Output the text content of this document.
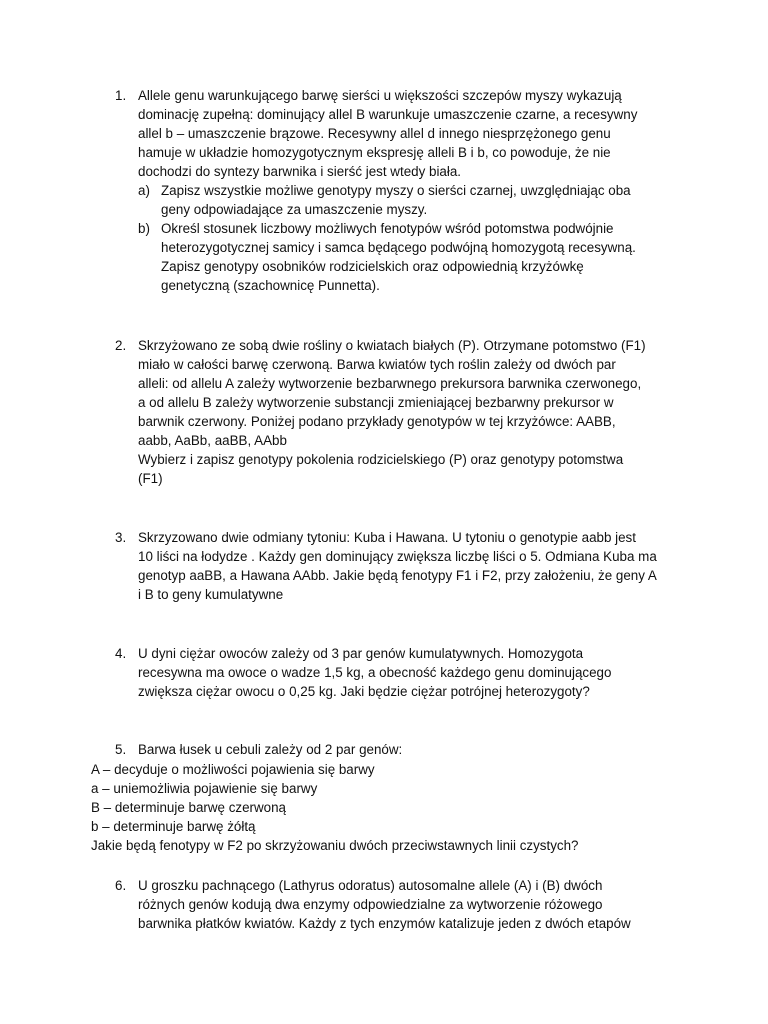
1. Allele genu warunkującego barwę sierści u większości szczepów myszy wykazują
dominację zupełną: dominujący allel B warunkuje umaszczenie czarne, a recesywny
allel b – umaszczenie brązowe. Recesywny allel d innego niesprzężonego genu
hamuje w układzie homozygotycznym ekspresję alleli B i b, co powoduje, że nie
dochodzi do syntezy barwnika i sierść jest wtedy biała.
a) Zapisz wszystkie możliwe genotypy myszy o sierści czarnej, uwzględniając oba
geny odpowiadające za umaszczenie myszy.
b) Określ stosunek liczbowy możliwych fenotypów wśród potomstwa podwójnie
heterozygotycznej samicy i samca będącego podwójną homozygotą recesywną.
Zapisz genotypy osobników rodzicielskich oraz odpowiednią krzyżówkę
genetyczną (szachownicę Punnetta).
2. Skrzyżowano ze sobą dwie rośliny o kwiatach białych (P). Otrzymane potomstwo (F1)
miało w całości barwę czerwoną. Barwa kwiatów tych roślin zależy od dwóch par
alleli: od allelu A zależy wytworzenie bezbarwnego prekursora barwnika czerwonego,
a od allelu B zależy wytworzenie substancji zmieniającej bezbarwny prekursor w
barwnik czerwony. Poniżej podano przykłady genotypów w tej krzyżówce: AABB,
aabb, AaBb, aaBB, AAbb
Wybierz i zapisz genotypy pokolenia rodzicielskiego (P) oraz genotypy potomstwa
(F1)
3. Skrzyzowano dwie odmiany tytoniu: Kuba i Hawana. U tytoniu o genotypie aabb jest
10 liści na łodydze . Każdy gen dominujący zwiększa liczbę liści o 5. Odmiana Kuba ma
genotyp aaBB, a Hawana AAbb. Jakie będą fenotypy F1 i F2, przy założeniu, że geny A
i B to geny kumulatywne
4. U dyni ciężar owoców zależy od 3 par genów kumulatywnych. Homozygota
recesywna ma owoce o wadze 1,5 kg, a obecność każdego genu dominującego
zwiększa ciężar owocu o 0,25 kg. Jaki będzie ciężar potrójnej heterozygoty?
5. Barwa łusek u cebuli zależy od 2 par genów:
A – decyduje o możliwości pojawienia się barwy
a – uniemożliwia pojawienie się barwy
B – determinuje barwę czerwoną
b – determinuje barwę żółtą
Jakie będą fenotypy w F2 po skrzyżowaniu dwóch przeciwstawnych linii czystych?
6. U groszku pachnącego (Lathyrus odoratus) autosomalne allele (A) i (B) dwóch
różnych genów kodują dwa enzymy odpowiedzialne za wytworzenie różowego
barwnika płatków kwiatów. Każdy z tych enzymów katalizuje jeden z dwóch etapów
